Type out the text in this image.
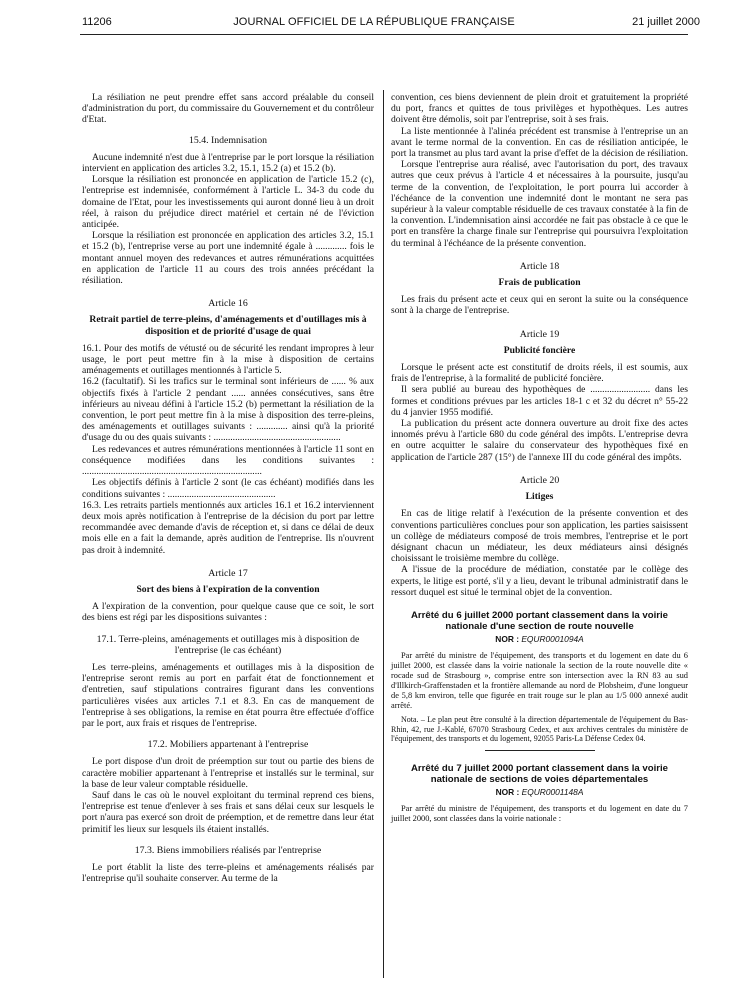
11206	JOURNAL OFFICIEL DE LA RÉPUBLIQUE FRANÇAISE	21 juillet 2000

La résiliation ne peut prendre effet sans accord préalable du conseil d'administration du port, du commissaire du Gouvernement et du contrôleur d'Etat.

15.4. Indemnisation

Aucune indemnité n'est due à l'entreprise par le port lorsque la résiliation intervient en application des articles 3.2, 15.1, 15.2 (a) et 15.2 (b).

Lorsque la résiliation est prononcée en application de l'article 15.2 (c), l'entreprise est indemnisée, conformément à l'article L. 34-3 du code du domaine de l'Etat, pour les investissements qui auront donné lieu à un droit réel, à raison du préjudice direct matériel et certain né de l'éviction anticipée.

Lorsque la résiliation est prononcée en application des articles 3.2, 15.1 et 15.2 (b), l'entreprise verse au port une indemnité égale à ............. fois le montant annuel moyen des redevances et autres rémunérations acquittées en application de l'article 11 au cours des trois années précédant la résiliation.

Article 16
Retrait partiel de terre-pleins, d'aménagements et d'outillages mis à disposition et de priorité d'usage de quai

16.1. Pour des motifs de vétusté ou de sécurité les rendant impropres à leur usage, le port peut mettre fin à la mise à disposition de certains aménagements et outillages mentionnés à l'article 5.

16.2 (facultatif). Si les trafics sur le terminal sont inférieurs de ...... % aux objectifs fixés à l'article 2 pendant ...... années consécutives, sans être inférieurs au niveau défini à l'article 15.2 (b) permettant la résiliation de la convention, le port peut mettre fin à la mise à disposition des terre-pleins, des aménagements et outillages suivants : ............. ainsi qu'à la priorité d'usage du ou des quais suivants : .....................................................

Les redevances et autres rémunérations mentionnées à l'article 11 sont en conséquence modifiées dans les conditions suivantes : ...........................................................................

Les objectifs définis à l'article 2 sont (le cas échéant) modifiés dans les conditions suivantes : .............................................

16.3. Les retraits partiels mentionnés aux articles 16.1 et 16.2 interviennent deux mois après notification à l'entreprise de la décision du port par lettre recommandée avec demande d'avis de réception et, si dans ce délai de deux mois elle en a fait la demande, après audition de l'entreprise. Ils n'ouvrent pas droit à indemnité.

Article 17
Sort des biens à l'expiration de la convention

A l'expiration de la convention, pour quelque cause que ce soit, le sort des biens est régi par les dispositions suivantes :

17.1. Terre-pleins, aménagements et outillages mis à disposition de l'entreprise (le cas échéant)

Les terre-pleins, aménagements et outillages mis à la disposition de l'entreprise seront remis au port en parfait état de fonctionnement et d'entretien, sauf stipulations contraires figurant dans les conventions particulières visées aux articles 7.1 et 8.3. En cas de manquement de l'entreprise à ses obligations, la remise en état pourra être effectuée d'office par le port, aux frais et risques de l'entreprise.

17.2. Mobiliers appartenant à l'entreprise

Le port dispose d'un droit de préemption sur tout ou partie des biens de caractère mobilier appartenant à l'entreprise et installés sur le terminal, sur la base de leur valeur comptable résiduelle.

Sauf dans le cas où le nouvel exploitant du terminal reprend ces biens, l'entreprise est tenue d'enlever à ses frais et sans délai ceux sur lesquels le port n'aura pas exercé son droit de préemption, et de remettre dans leur état primitif les lieux sur lesquels ils étaient installés.

17.3. Biens immobiliers réalisés par l'entreprise

Le port établit la liste des terre-pleins et aménagements réalisés par l'entreprise qu'il souhaite conserver. Au terme de la

convention, ces biens deviennent de plein droit et gratuitement la propriété du port, francs et quittes de tous privilèges et hypothèques. Les autres doivent être démolis, soit par l'entreprise, soit à ses frais.

La liste mentionnée à l'alinéa précédent est transmise à l'entreprise un an avant le terme normal de la convention. En cas de résiliation anticipée, le port la transmet au plus tard avant la prise d'effet de la décision de résiliation.

Lorsque l'entreprise aura réalisé, avec l'autorisation du port, des travaux autres que ceux prévus à l'article 4 et nécessaires à la poursuite, jusqu'au terme de la convention, de l'exploitation, le port pourra lui accorder à l'échéance de la convention une indemnité dont le montant ne sera pas supérieur à la valeur comptable résiduelle de ces travaux constatée à la fin de la convention. L'indemnisation ainsi accordée ne fait pas obstacle à ce que le port en transfère la charge finale sur l'entreprise qui poursuivra l'exploitation du terminal à l'échéance de la présente convention.

Article 18
Frais de publication

Les frais du présent acte et ceux qui en seront la suite ou la conséquence sont à la charge de l'entreprise.

Article 19
Publicité foncière

Lorsque le présent acte est constitutif de droits réels, il est soumis, aux frais de l'entreprise, à la formalité de publicité foncière.

Il sera publié au bureau des hypothèques de ......................... dans les formes et conditions prévues par les articles 18-1 c et 32 du décret n° 55-22 du 4 janvier 1955 modifié.

La publication du présent acte donnera ouverture au droit fixe des actes innomés prévu à l'article 680 du code général des impôts. L'entreprise devra en outre acquitter le salaire du conservateur des hypothèques fixé en application de l'article 287 (15°) de l'annexe III du code général des impôts.

Article 20
Litiges

En cas de litige relatif à l'exécution de la présente convention et des conventions particulières conclues pour son application, les parties saisissent un collège de médiateurs composé de trois membres, l'entreprise et le port désignant chacun un médiateur, les deux médiateurs ainsi désignés choisissant le troisième membre du collège.

A l'issue de la procédure de médiation, constatée par le collège des experts, le litige est porté, s'il y a lieu, devant le tribunal administratif dans le ressort duquel est situé le terminal objet de la convention.

Arrêté du 6 juillet 2000 portant classement dans la voirie nationale d'une section de route nouvelle
NOR : EQUR0001094A

Par arrêté du ministre de l'équipement, des transports et du logement en date du 6 juillet 2000, est classée dans la voirie nationale la section de la route nouvelle dite « rocade sud de Strasbourg », comprise entre son intersection avec la RN 83 au sud d'Illkirch-Graffenstaden et la frontière allemande au nord de Plobsheim, d'une longueur de 5,8 km environ, telle que figurée en trait rouge sur le plan au 1/5 000 annexé audit arrêté.

Nota. – Le plan peut être consulté à la direction départementale de l'équipement du Bas-Rhin, 42, rue J.-Kablé, 67070 Strasbourg Cedex, et aux archives centrales du ministère de l'équipement, des transports et du logement, 92055 Paris-La Défense Cedex 04.

Arrêté du 7 juillet 2000 portant classement dans la voirie nationale de sections de voies départementales
NOR : EQUR0001148A

Par arrêté du ministre de l'équipement, des transports et du logement en date du 7 juillet 2000, sont classées dans la voirie nationale :
